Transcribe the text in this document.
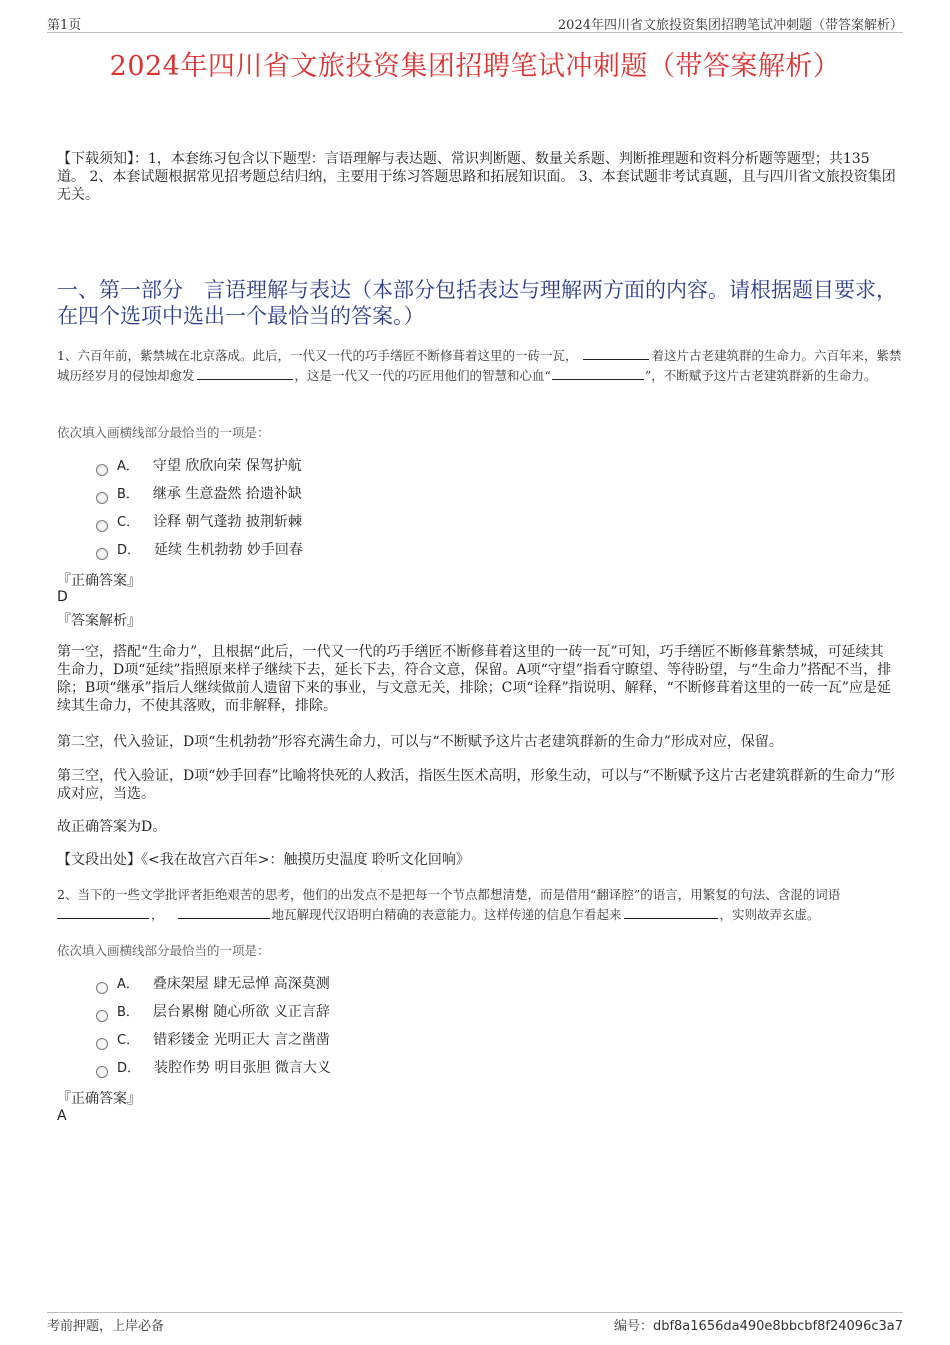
第1页	2024年四川省文旅投资集团招聘笔试冲刺题（带答案解析）
2024年四川省文旅投资集团招聘笔试冲刺题（带答案解析）
【下载须知】：1，本套练习包含以下题型：言语理解与表达题、常识判断题、数量关系题、判断推理题和资料分析题等题型；共135道。 2、本套试题根据常见招考题总结归纳，主要用于练习答题思路和拓展知识面。 3、本套试题非考试真题，且与四川省文旅投资集团无关。
一、第一部分　言语理解与表达（本部分包括表达与理解两方面的内容。请根据题目要求，在四个选项中选出一个最恰当的答案。）
1、六百年前，紫禁城在北京落成。此后，一代又一代的巧手缮匠不断修葺着这里的一砖一瓦，	着这片古老建筑群的生命力。六百年来，紫禁城历经岁月的侵蚀却愈发	，这是一代又一代的巧匠用他们的智慧和心血“	”，不断赋予这片古老建筑群新的生命力。
依次填入画横线部分最恰当的一项是：
A． 守望 欣欣向荣 保驾护航
B． 继承 生意盎然 拾遗补缺
C． 诠释 朝气蓬勃 披荆斩棘
D． 延续 生机勃勃 妙手回春
『正确答案』
D
『答案解析』
第一空，搭配“生命力”，且根据“此后，一代又一代的巧手缮匠不断修葺着这里的一砖一瓦”可知，巧手缮匠不断修葺紫禁城，可延续其生命力，D项“延续”指照原来样子继续下去，延长下去，符合文意，保留。A项“守望”指看守瞭望、等待盼望，与“生命力”搭配不当，排除；B项“继承”指后人继续做前人遗留下来的事业，与文意无关，排除；C项“诠释”指说明、解释，“不断修葺着这里的一砖一瓦”应是延续其生命力，不使其落败，而非解释，排除。
第二空，代入验证，D项“生机勃勃”形容充满生命力，可以与“不断赋予这片古老建筑群新的生命力”形成对应，保留。
第三空，代入验证，D项“妙手回春”比喻将快死的人救活，指医生医术高明，形象生动，可以与“不断赋予这片古老建筑群新的生命力”形成对应，当选。
故正确答案为D。
【文段出处】《<我在故宫六百年>：触摸历史温度 聆听文化回响》
2、当下的一些文学批评者拒绝艰苦的思考，他们的出发点不是把每一个节点都想清楚，而是借用“翻译腔”的语言，用繁复的句法、含混的词语 ，	地瓦解现代汉语明白精确的表意能力。这样传递的信息乍看起来	，实则故弄玄虚。
依次填入画横线部分最恰当的一项是：
A． 叠床架屋 肆无忌惮 高深莫测
B． 层台累榭 随心所欲 义正言辞
C． 错彩镂金 光明正大 言之凿凿
D． 装腔作势 明目张胆 微言大义
『正确答案』
A
考前押题，上岸必备	编号：dbf8a1656da490e8bbcbf8f24096c3a7
